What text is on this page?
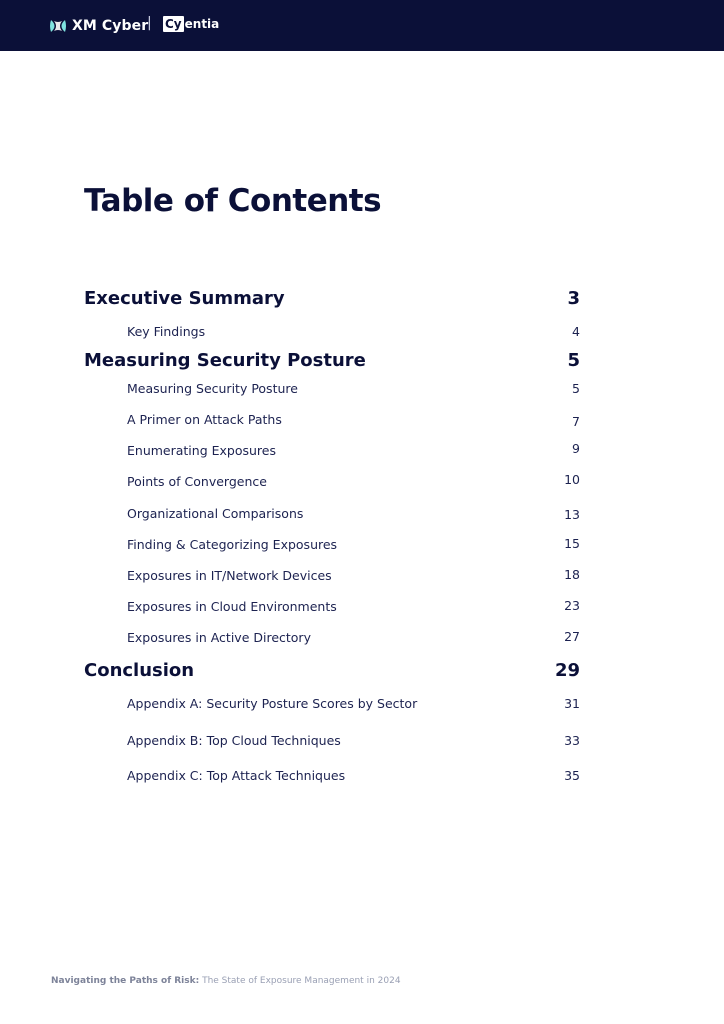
XM Cyber
| Cy entia
Table of Contents
Executive Summary	3
Key Findings	4
Measuring Security Posture	5
Measuring Security Posture	5
A Primer on Attack Paths	7
Enumerating Exposures	9
Points of Convergence	10
Organizational Comparisons	13
Finding & Categorizing Exposures	15
Exposures in IT/Network Devices	18
Exposures in Cloud Environments	23
Exposures in Active Directory	27
Conclusion	29
Appendix A: Security Posture Scores by Sector	31
Appendix B: Top Cloud Techniques	33
Appendix C: Top Attack Techniques	35
Navigating the Paths of Risk: The State of Exposure Management in 2024
